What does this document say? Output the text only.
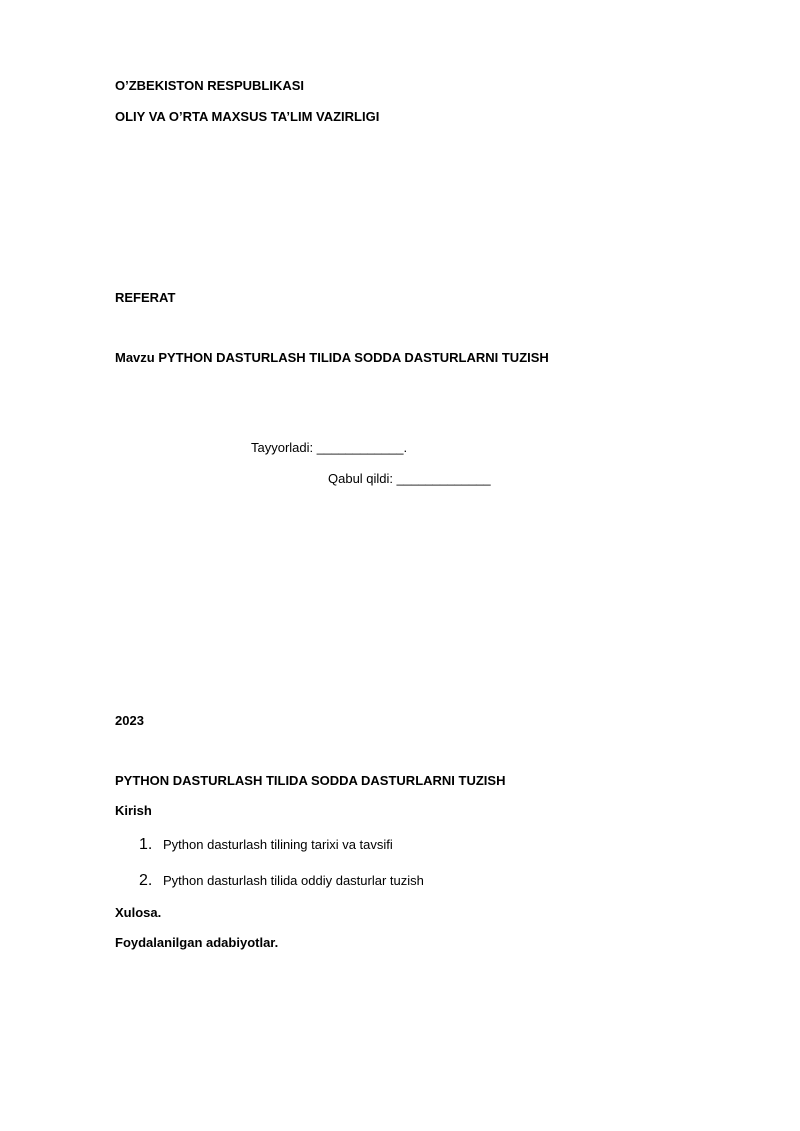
O’ZBEKISTON RESPUBLIKASI
OLIY VA O’RTA MAXSUS TA’LIM VAZIRLIGI
REFERAT
Mavzu PYTHON DASTURLASH TILIDA SODDA DASTURLARNI TUZISH
Tayyorladi: ____________.
Qabul qildi: _____________
2023
PYTHON DASTURLASH TILIDA SODDA DASTURLARNI TUZISH
Kirish
1. Python dasturlash tilining tarixi va tavsifi
2. Python dasturlash tilida oddiy dasturlar tuzish
Xulosa.
Foydalanilgan adabiyotlar.
